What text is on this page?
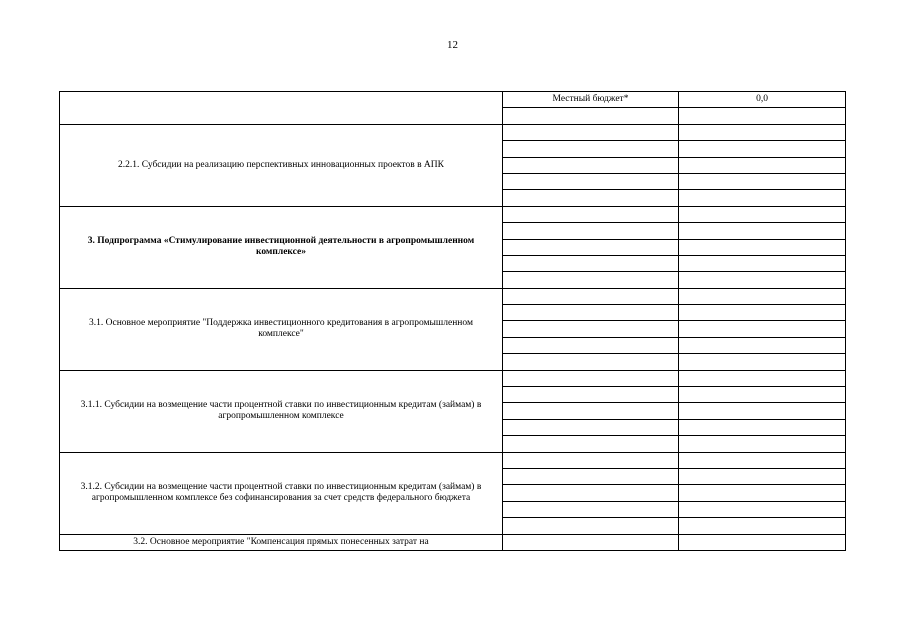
12
	Местный бюджет*	0,0

2.2.1. Субсидии на реализацию перспективных инновационных проектов в АПК		

3. Подпрограмма «Стимулирование инвестиционной деятельности в агропромышленном комплексе»		

3.1. Основное мероприятие "Поддержка инвестиционного кредитования в агропромышленном комплексе"		

3.1.1. Субсидии на возмещение части процентной ставки по инвестиционным кредитам (займам) в агропромышленном комплексе		

3.1.2. Субсидии на возмещение части процентной ставки по инвестиционным кредитам (займам) в агропромышленном комплексе без софинансирования за счет средств федерального бюджета		

3.2. Основное мероприятие "Компенсация прямых понесенных затрат на		
